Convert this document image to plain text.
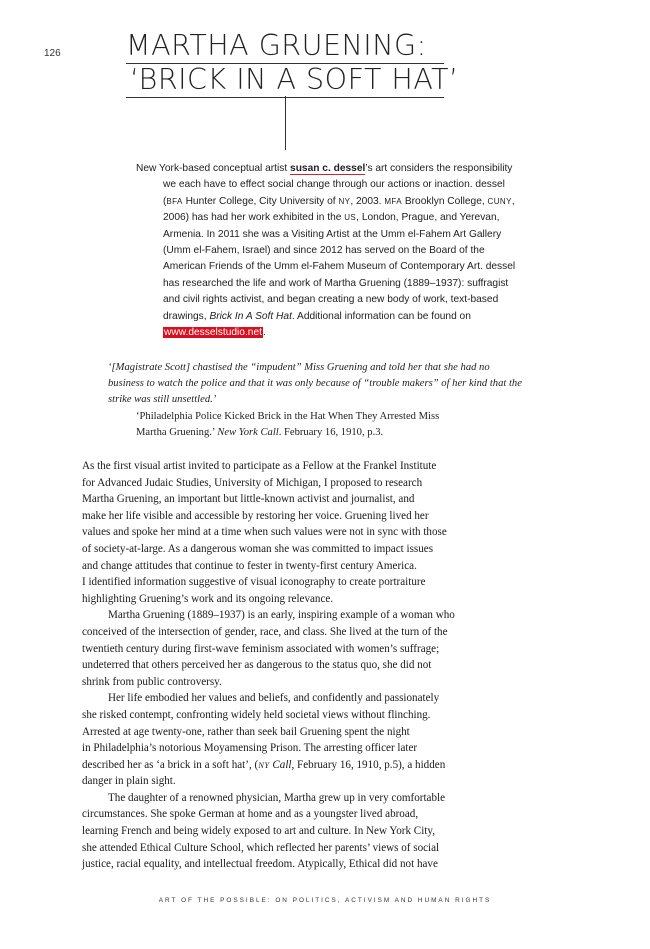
126 MARTHA GRUENING:
‘BRICK IN A SOFT HAT’

New York-based conceptual artist susan c. dessel’s art considers the responsibility we each have to effect social change through our actions or inaction. dessel (BFA Hunter College, City University of NY, 2003. MFA Brooklyn College, CUNY, 2006) has had her work exhibited in the US, London, Prague, and Yerevan, Armenia. In 2011 she was a Visiting Artist at the Umm el-Fahem Art Gallery (Umm el-Fahem, Israel) and since 2012 has served on the Board of the American Friends of the Umm el-Fahem Museum of Contemporary Art. dessel has researched the life and work of Martha Gruening (1889–1937): suffragist and civil rights activist, and began creating a new body of work, text-based drawings, Brick In A Soft Hat. Additional information can be found on www.desselstudio.net.

‘[Magistrate Scott] chastised the “impudent” Miss Gruening and told her that she had no business to watch the police and that it was only because of “trouble makers” of her kind that the strike was still unsettled.’

‘Philadelphia Police Kicked Brick in the Hat When They Arrested Miss
Martha Gruening.’ New York Call. February 16, 1910, p.3.

As the first visual artist invited to participate as a Fellow at the Frankel Institute
for Advanced Judaic Studies, University of Michigan, I proposed to research
Martha Gruening, an important but little-known activist and journalist, and
make her life visible and accessible by restoring her voice. Gruening lived her
values and spoke her mind at a time when such values were not in sync with those
of society-at-large. As a dangerous woman she was committed to impact issues
and change attitudes that continue to fester in twenty-first century America.
I identified information suggestive of visual iconography to create portraiture
highlighting Gruening’s work and its ongoing relevance.

Martha Gruening (1889–1937) is an early, inspiring example of a woman who
conceived of the intersection of gender, race, and class. She lived at the turn of the
twentieth century during first-wave feminism associated with women’s suffrage;
undeterred that others perceived her as dangerous to the status quo, she did not
shrink from public controversy.

Her life embodied her values and beliefs, and confidently and passionately
she risked contempt, confronting widely held societal views without flinching.
Arrested at age twenty-one, rather than seek bail Gruening spent the night
in Philadelphia’s notorious Moyamensing Prison. The arresting officer later
described her as ‘a brick in a soft hat’, (NY Call, February 16, 1910, p.5), a hidden
danger in plain sight.

The daughter of a renowned physician, Martha grew up in very comfortable
circumstances. She spoke German at home and as a youngster lived abroad,
learning French and being widely exposed to art and culture. In New York City,
she attended Ethical Culture School, which reflected her parents’ views of social
justice, racial equality, and intellectual freedom. Atypically, Ethical did not have

ART OF THE POSSIBLE: ON POLITICS, ACTIVISM AND HUMAN RIGHTS
